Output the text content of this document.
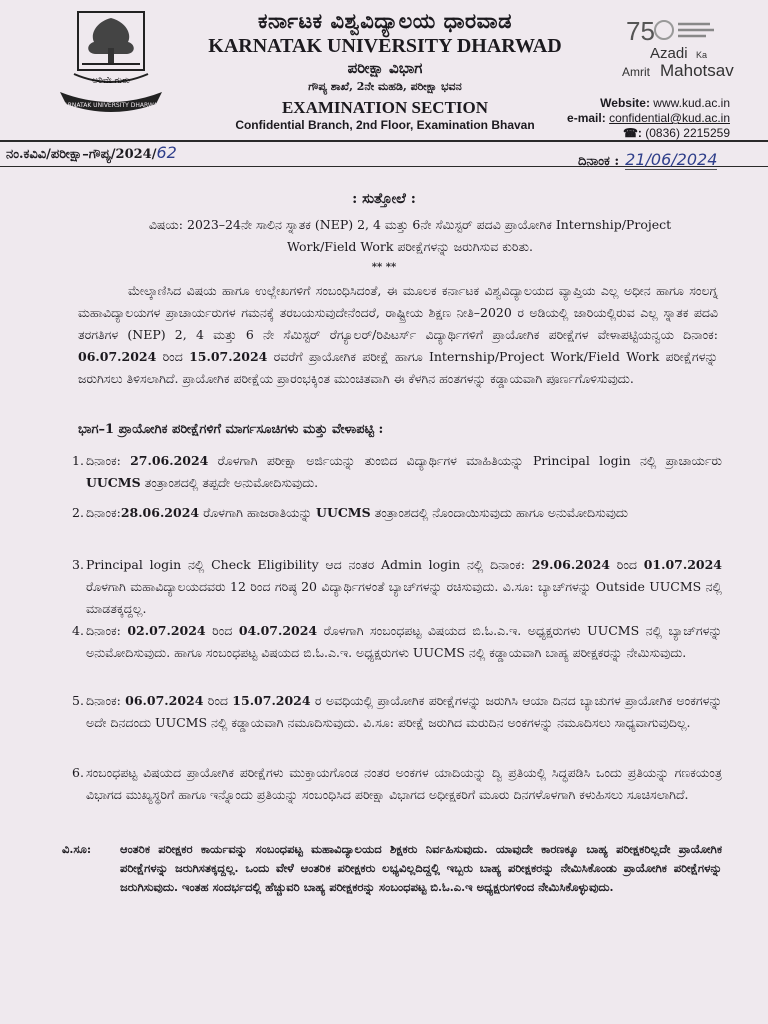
ಅರಿವೇ ಗುರು
KARNATAK UNIVERSITY DHARWAD
ಕರ್ನಾಟಕ ವಿಶ್ವವಿದ್ಯಾಲಯ ಧಾರವಾಡ
KARNATAK UNIVERSITY DHARWAD
ಪರೀಕ್ಷಾ ವಿಭಾಗ
ಗೌಪ್ಯ ಶಾಖೆ, 2ನೇ ಮಹಡಿ, ಪರೀಕ್ಷಾ ಭವನ
EXAMINATION SECTION
Confidential Branch, 2nd Floor, Examination Bhavan
75
Azadi Ka
Amrit Mahotsav
Website: www.kud.ac.in
e-mail: confidential@kud.ac.in
☎: (0836) 2215259
ನಂ.ಕವಿವಿ/ಪರೀಕ್ಷಾ–ಗೌಪ್ಯ/2024/62	ದಿನಾಂಕ : 21/06/2024
: ಸುತ್ತೋಲೆ :
ವಿಷಯ: 2023–24ನೇ ಸಾಲಿನ ಸ್ನಾತಕ (NEP) 2, 4 ಮತ್ತು 6ನೇ ಸೆಮಿಸ್ಟರ್ ಪದವಿ ಪ್ರಾಯೋಗಿಕ Internship/Project Work/Field Work ಪರೀಕ್ಷೆಗಳನ್ನು ಜರುಗಿಸುವ ಕುರಿತು.
** **
ಮೇಲ್ಕಾಣಿಸಿದ ವಿಷಯ ಹಾಗೂ ಉಲ್ಲೇಖಗಳಿಗೆ ಸಂಬಂಧಿಸಿದಂತೆ, ಈ ಮೂಲಕ ಕರ್ನಾಟಕ ವಿಶ್ವವಿದ್ಯಾಲಯದ ವ್ಯಾಪ್ತಿಯ ಎಲ್ಲ ಅಧೀನ ಹಾಗೂ ಸಂಲಗ್ನ ಮಹಾವಿದ್ಯಾಲಯಗಳ ಪ್ರಾಚಾರ್ಯರುಗಳ ಗಮನಕ್ಕೆ ತರಬಯಸುವುದೇನೆಂದರೆ, ರಾಷ್ಟ್ರೀಯ ಶಿಕ್ಷಣ ನೀತಿ–2020 ರ ಅಡಿಯಲ್ಲಿ ಜಾರಿಯಲ್ಲಿರುವ ಎಲ್ಲ ಸ್ನಾತಕ ಪದವಿ ತರಗತಿಗಳ (NEP) 2, 4 ಮತ್ತು 6 ನೇ ಸೆಮಿಸ್ಟರ್ ರೆಗ್ಯೂಲರ್/ರಿಪಿಟರ್ಸ್ ವಿದ್ಯಾರ್ಥಿಗಳಿಗೆ ಪ್ರಾಯೋಗಿಕ ಪರೀಕ್ಷೆಗಳ ವೇಳಾಪಟ್ಟಿಯನ್ವಯ ದಿನಾಂಕ: 06.07.2024 ರಿಂದ 15.07.2024 ರವರೆಗೆ ಪ್ರಾಯೋಗಿಕ ಪರೀಕ್ಷೆ ಹಾಗೂ Internship/Project Work/Field Work ಪರೀಕ್ಷೆಗಳನ್ನು ಜರುಗಿಸಲು ತಿಳಿಸಲಾಗಿದೆ. ಪ್ರಾಯೋಗಿಕ ಪರೀಕ್ಷೆಯ ಪ್ರಾರಂಭಕ್ಕಿಂತ ಮುಂಚಿತವಾಗಿ ಈ ಕೆಳಗಿನ ಹಂತಗಳನ್ನು ಕಡ್ಡಾಯವಾಗಿ ಪೂರ್ಣಗೊಳಿಸುವುದು.
ಭಾಗ–1 ಪ್ರಾಯೋಗಿಕ ಪರೀಕ್ಷೆಗಳಿಗೆ ಮಾರ್ಗಸೂಚಿಗಳು ಮತ್ತು ವೇಳಾಪಟ್ಟಿ :
1. ದಿನಾಂಕ: 27.06.2024 ರೊಳಗಾಗಿ ಪರೀಕ್ಷಾ ಅರ್ಜಿಯನ್ನು ತುಂಬಿದ ವಿದ್ಯಾರ್ಥಿಗಳ ಮಾಹಿತಿಯನ್ನು Principal login ನಲ್ಲಿ ಪ್ರಾಚಾರ್ಯರು UUCMS ತಂತ್ರಾಂಶದಲ್ಲಿ ತಪ್ಪದೇ ಅನುಮೋದಿಸುವುದು.
2. ದಿನಾಂಕ:28.06.2024 ರೊಳಗಾಗಿ ಹಾಜರಾತಿಯನ್ನು UUCMS ತಂತ್ರಾಂಶದಲ್ಲಿ ನೊಂದಾಯಿಸುವುದು ಹಾಗೂ ಅನುಮೋದಿಸುವುದು
3. Principal login ನಲ್ಲಿ Check Eligibility ಆದ ನಂತರ Admin login ನಲ್ಲಿ ದಿನಾಂಕ: 29.06.2024 ರಿಂದ 01.07.2024 ರೊಳಗಾಗಿ ಮಹಾವಿದ್ಯಾಲಯದವರು 12 ರಿಂದ ಗರಿಷ್ಠ 20 ವಿದ್ಯಾರ್ಥಿಗಳಂತೆ ಬ್ಯಾಚ್‌ಗಳನ್ನು ರಚಿಸುವುದು. ವಿ.ಸೂ: ಬ್ಯಾಚ್‌ಗಳನ್ನು Outside UUCMS ನಲ್ಲಿ ಮಾಡತಕ್ಕದ್ದಲ್ಲ.
4. ದಿನಾಂಕ: 02.07.2024 ರಿಂದ 04.07.2024 ರೊಳಗಾಗಿ ಸಂಬಂಧಪಟ್ಟ ವಿಷಯದ ಬಿ.ಓ.ಎ.ಇ. ಅಧ್ಯಕ್ಷರುಗಳು UUCMS ನಲ್ಲಿ ಬ್ಯಾಚ್‌ಗಳನ್ನು ಅನುಮೋದಿಸುವುದು. ಹಾಗೂ ಸಂಬಂಧಪಟ್ಟ ವಿಷಯದ ಬಿ.ಓ.ಎ.ಇ. ಅಧ್ಯಕ್ಷರುಗಳು UUCMS ನಲ್ಲಿ ಕಡ್ಡಾಯವಾಗಿ ಬಾಹ್ಯ ಪರೀಕ್ಷಕರನ್ನು ನೇಮಿಸುವುದು.
5. ದಿನಾಂಕ: 06.07.2024 ರಿಂದ 15.07.2024 ರ ಅವಧಿಯಲ್ಲಿ ಪ್ರಾಯೋಗಿಕ ಪರೀಕ್ಷೆಗಳನ್ನು ಜರುಗಿಸಿ ಆಯಾ ದಿನದ ಬ್ಯಾಚುಗಳ ಪ್ರಾಯೋಗಿಕ ಅಂಕಗಳನ್ನು ಅದೇ ದಿನದಂದು UUCMS ನಲ್ಲಿ ಕಡ್ಡಾಯವಾಗಿ ನಮೂದಿಸುವುದು. ವಿ.ಸೂ: ಪರೀಕ್ಷೆ ಜರುಗಿದ ಮರುದಿನ ಅಂಕಗಳನ್ನು ನಮೂದಿಸಲು ಸಾಧ್ಯವಾಗುವುದಿಲ್ಲ.
6. ಸಂಬಂಧಪಟ್ಟ ವಿಷಯದ ಪ್ರಾಯೋಗಿಕ ಪರೀಕ್ಷೆಗಳು ಮುಕ್ತಾಯಗೊಂಡ ನಂತರ ಅಂಕಗಳ ಯಾದಿಯನ್ನು ದ್ವಿ ಪ್ರತಿಯಲ್ಲಿ ಸಿದ್ಧಪಡಿಸಿ ಒಂದು ಪ್ರತಿಯನ್ನು ಗಣಕಯಂತ್ರ ವಿಭಾಗದ ಮುಖ್ಯಸ್ಥರಿಗೆ ಹಾಗೂ ಇನ್ನೊಂದು ಪ್ರತಿಯನ್ನು ಸಂಬಂಧಿಸಿದ ಪರೀಕ್ಷಾ ವಿಭಾಗದ ಅಧೀಕ್ಷಕರಿಗೆ ಮೂರು ದಿನಗಳೊಳಗಾಗಿ ಕಳುಹಿಸಲು ಸೂಚಿಸಲಾಗಿದೆ.
ವಿ.ಸೂ:	ಆಂತರಿಕ ಪರೀಕ್ಷಕರ ಕಾರ್ಯವನ್ನು ಸಂಬಂಧಪಟ್ಟ ಮಹಾವಿದ್ಯಾಲಯದ ಶಿಕ್ಷಕರು ನಿರ್ವಹಿಸುವುದು. ಯಾವುದೇ ಕಾರಣಕ್ಕೂ ಬಾಹ್ಯ ಪರೀಕ್ಷಕರಿಲ್ಲದೇ ಪ್ರಾಯೋಗಿಕ ಪರೀಕ್ಷೆಗಳನ್ನು ಜರುಗಿಸತಕ್ಕದ್ದಲ್ಲ. ಒಂದು ವೇಳೆ ಆಂತರಿಕ ಪರೀಕ್ಷಕರು ಲಭ್ಯವಿಲ್ಲದಿದ್ದಲ್ಲಿ ಇಬ್ಬರು ಬಾಹ್ಯ ಪರೀಕ್ಷಕರನ್ನು ನೇಮಿಸಿಕೊಂಡು ಪ್ರಾಯೋಗಿಕ ಪರೀಕ್ಷೆಗಳನ್ನು ಜರುಗಿಸುವುದು. ಇಂತಹ ಸಂದರ್ಭದಲ್ಲಿ ಹೆಚ್ಚುವರಿ ಬಾಹ್ಯ ಪರೀಕ್ಷಕರನ್ನು ಸಂಬಂಧಪಟ್ಟ ಬಿ.ಓ.ಎ.ಇ ಅಧ್ಯಕ್ಷರುಗಳಿಂದ ನೇಮಿಸಿಕೊಳ್ಳುವುದು.
